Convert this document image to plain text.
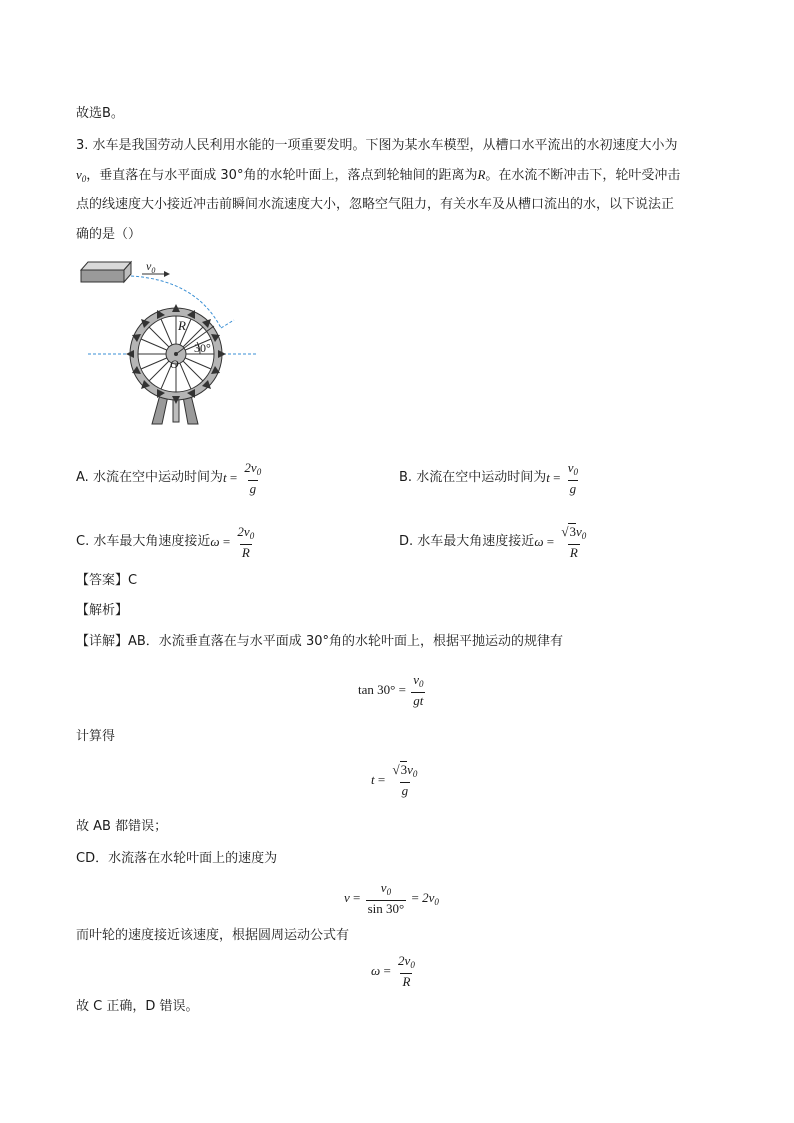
故选B。
3. 水车是我国劳动人民利用水能的一项重要发明。下图为某水车模型，从槽口水平流出的水初速度大小为
$v_0$，垂直落在与水平面成 30°角的水轮叶面上，落点到轮轴间的距离为R。在水流不断冲击下，轮叶受冲击
点的线速度大小接近冲击前瞬间水流速度大小，忽略空气阻力，有关水车及从槽口流出的水，以下说法正
确的是（）
$v_0$
R
30°
O
A.
水流在空中运动时间为 $t = \frac{2v_0}{g}$	B.
水流在空中运动时间为 $t = \frac{v_0}{g}$
C.
水车最大角速度接近 $\omega = \frac{2v_0}{R}$	D.
水车最大角速度接近 $\omega = \frac{√3v_0}{R}$
【答案】C
【解析】
【详解】AB．水流垂直落在与水平面成 30°角的水轮叶面上，根据平抛运动的规律有
tan 30°
=
$\frac{v_0}{gt}$
计算得
t
=
$\frac{√3v_0}{g}$
故 AB 都错误；
CD．水流落在水轮叶面上的速度为
v
=
$\frac{v_0}{\sin 30^\circ}$
=
$2v_0$
而叶轮的速度接近该速度，根据圆周运动公式有
ω
=
$\frac{2v_0}{R}$
故 C 正确，D 错误。
